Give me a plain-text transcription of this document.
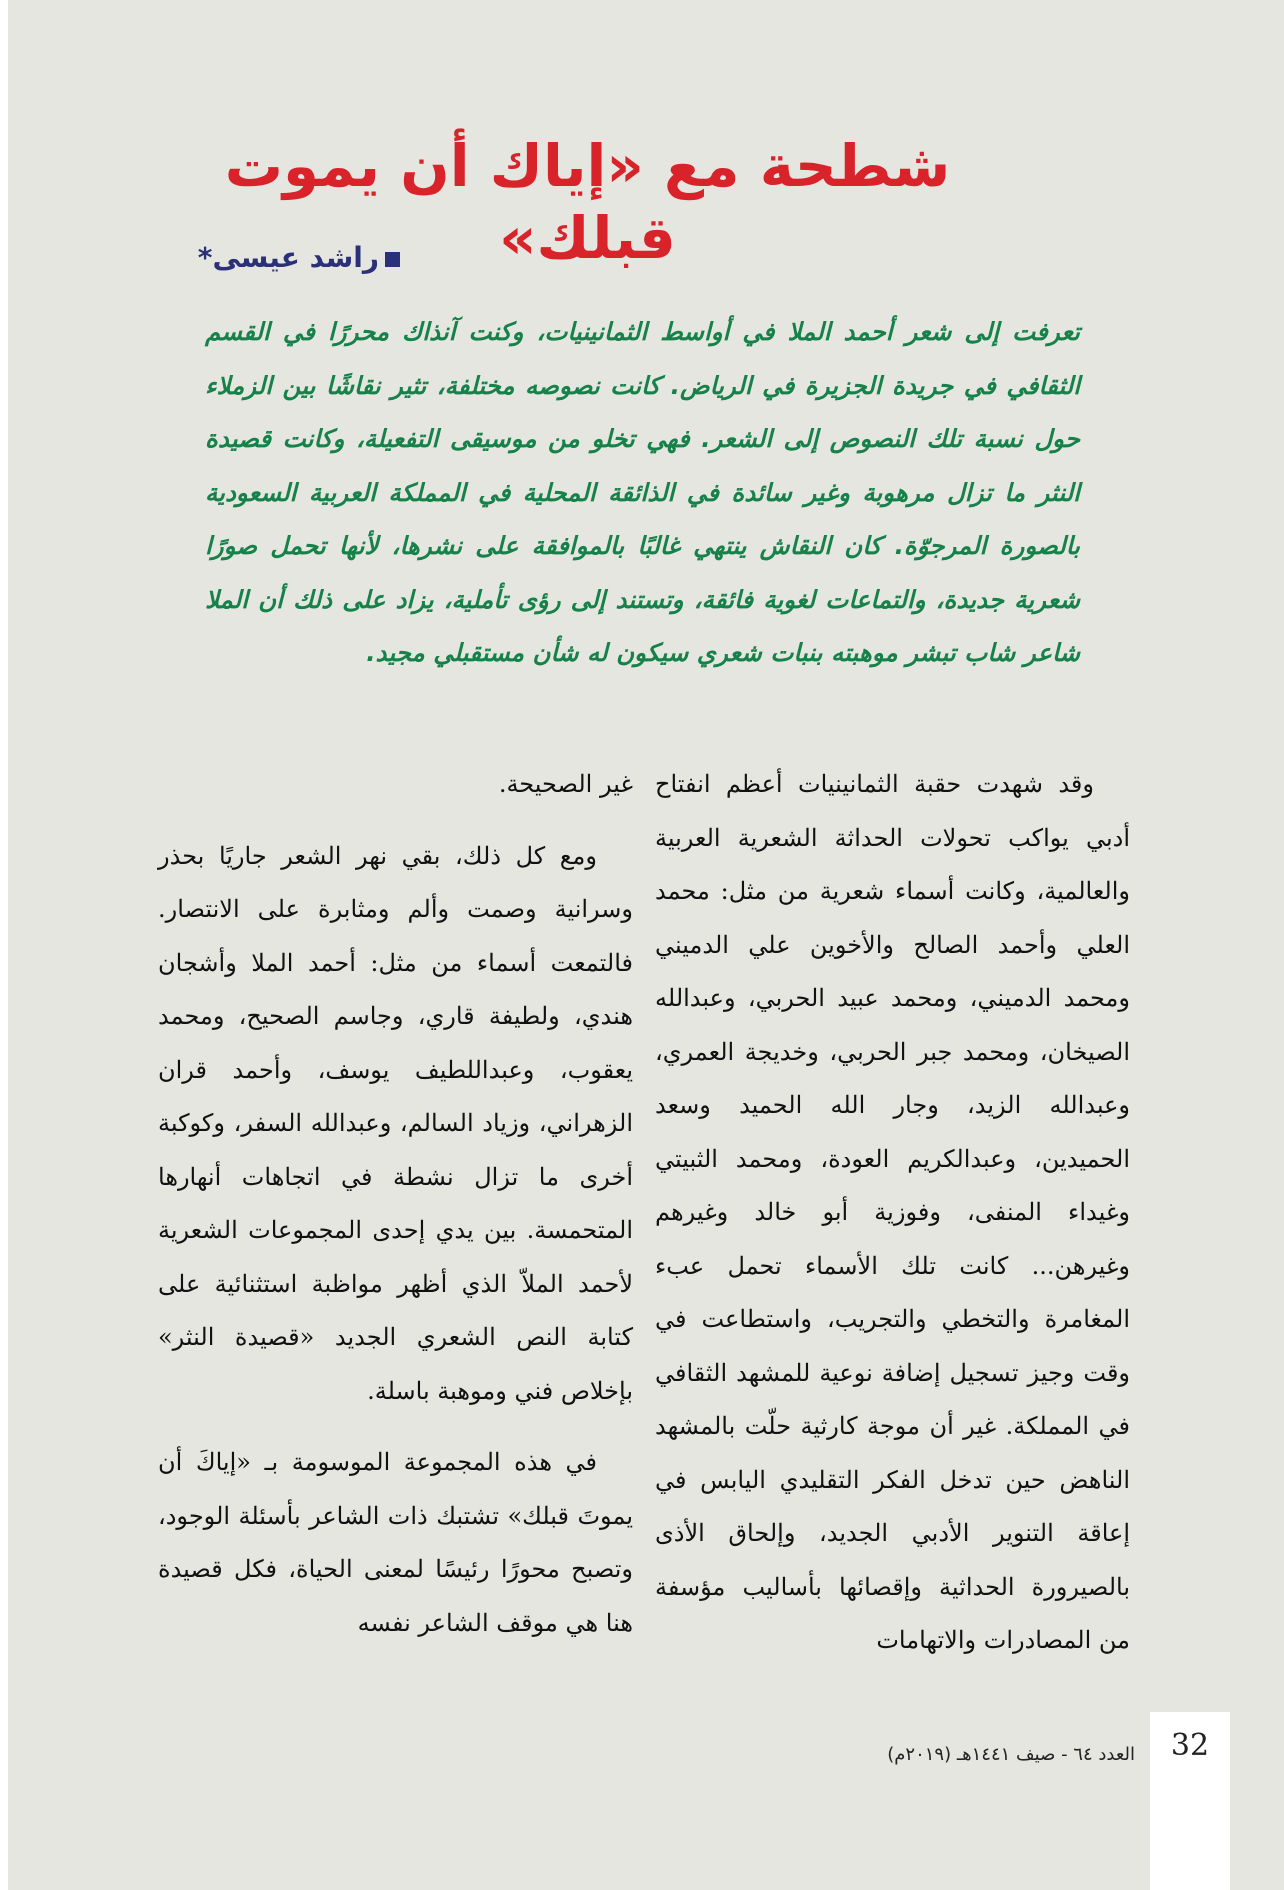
شطحة مع «إياك أن يموت قبلك»
راشد عيسى*

تعرفت إلى شعر أحمد الملا في أواسط الثمانينيات، وكنت آنذاك محررًا في القسم الثقافي في جريدة الجزيرة في الرياض. كانت نصوصه مختلفة، تثير نقاشًا بين الزملاء حول نسبة تلك النصوص إلى الشعر. فهي تخلو من موسيقى التفعيلة، وكانت قصيدة النثر ما تزال مرهوبة وغير سائدة في الذائقة المحلية في المملكة العربية السعودية بالصورة المرجوّة. كان النقاش ينتهي غالبًا بالموافقة على نشرها، لأنها تحمل صورًا شعرية جديدة، والتماعات لغوية فائقة، وتستند إلى رؤى تأملية، يزاد على ذلك أن الملا شاعر شاب تبشر موهبته بنبات شعري سيكون له شأن مستقبلي مجيد.

وقد شهدت حقبة الثمانينيات أعظم انفتاح أدبي يواكب تحولات الحداثة الشعرية العربية والعالمية، وكانت أسماء شعرية من مثل: محمد العلي وأحمد الصالح والأخوين علي الدميني ومحمد الدميني، ومحمد عبيد الحربي، وعبدالله الصيخان، ومحمد جبر الحربي، وخديجة العمري، وعبدالله الزيد، وجار الله الحميد وسعد الحميدين، وعبدالكريم العودة، ومحمد الثبيتي وغيداء المنفى، وفوزية أبو خالد وغيرهم وغيرهن... كانت تلك الأسماء تحمل عبء المغامرة والتخطي والتجريب، واستطاعت في وقت وجيز تسجيل إضافة نوعية للمشهد الثقافي في المملكة. غير أن موجة كارثية حلّت بالمشهد الناهض حين تدخل الفكر التقليدي اليابس في إعاقة التنوير الأدبي الجديد، وإلحاق الأذى بالصيرورة الحداثية وإقصائها بأساليب مؤسفة من المصادرات والاتهامات

غير الصحيحة.

ومع كل ذلك، بقي نهر الشعر جاريًا بحذر وسرانية وصمت وألم ومثابرة على الانتصار. فالتمعت أسماء من مثل: أحمد الملا وأشجان هندي، ولطيفة قاري، وجاسم الصحيح، ومحمد يعقوب، وعبداللطيف يوسف، وأحمد قران الزهراني، وزياد السالم، وعبدالله السفر، وكوكبة أخرى ما تزال نشطة في اتجاهات أنهارها المتحمسة. بين يدي إحدى المجموعات الشعرية لأحمد الملاّ الذي أظهر مواظبة استثنائية على كتابة النص الشعري الجديد «قصيدة النثر» بإخلاص فني وموهبة باسلة.

في هذه المجموعة الموسومة بـ «إياكَ أن يموتَ قبلك» تشتبك ذات الشاعر بأسئلة الوجود، وتصبح محورًا رئيسًا لمعنى الحياة، فكل قصيدة هنا هي موقف الشاعر نفسه

العدد ٦٤ - صيف ١٤٤١هـ (٢٠١٩م)	32
